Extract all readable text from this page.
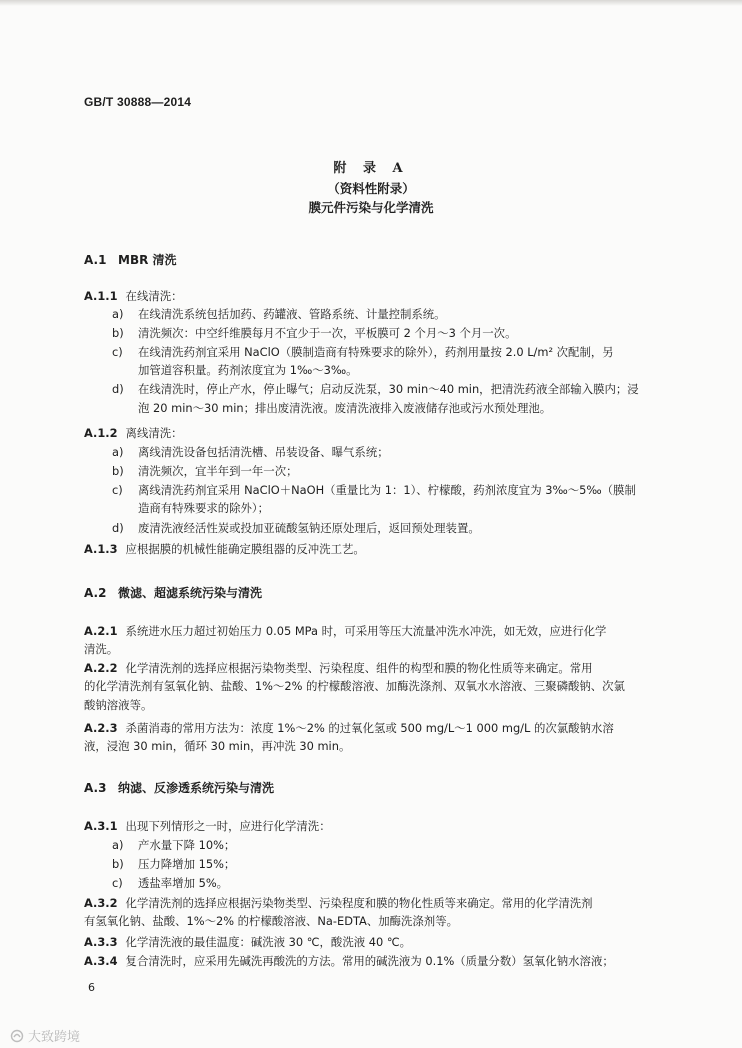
GB/T 30888—2014
附 录 A
（资料性附录）
膜元件污染与化学清洗
A.1 MBR 清洗
A.1.1 在线清洗：
a) 在线清洗系统包括加药、药罐液、管路系统、计量控制系统。
b) 清洗频次：中空纤维膜每月不宜少于一次，平板膜可 2 个月～3 个月一次。
c) 在线清洗药剂宜采用 NaClO（膜制造商有特殊要求的除外），药剂用量按 2.0 L/m² 次配制，另
加管道容积量。药剂浓度宜为 1‰～3‰。
d) 在线清洗时，停止产水，停止曝气；启动反洗泵，30 min～40 min，把清洗药液全部输入膜内；浸
泡 20 min～30 min；排出废清洗液。废清洗液排入废液储存池或污水预处理池。
A.1.2 离线清洗：
a) 离线清洗设备包括清洗槽、吊装设备、曝气系统；
b) 清洗频次，宜半年到一年一次；
c) 离线清洗药剂宜采用 NaClO＋NaOH（重量比为 1：1）、柠檬酸，药剂浓度宜为 3‰～5‰（膜制
造商有特殊要求的除外）；
d) 废清洗液经活性炭或投加亚硫酸氢钠还原处理后，返回预处理装置。
A.1.3 应根据膜的机械性能确定膜组器的反冲洗工艺。
A.2 微滤、超滤系统污染与清洗
A.2.1 系统进水压力超过初始压力 0.05 MPa 时，可采用等压大流量冲洗水冲洗，如无效，应进行化学
清洗。
A.2.2 化学清洗剂的选择应根据污染物类型、污染程度、组件的构型和膜的物化性质等来确定。常用
的化学清洗剂有氢氧化钠、盐酸、1%～2% 的柠檬酸溶液、加酶洗涤剂、双氧水水溶液、三聚磷酸钠、次氯
酸钠溶液等。
A.2.3 杀菌消毒的常用方法为：浓度 1%～2% 的过氧化氢或 500 mg/L～1 000 mg/L 的次氯酸钠水溶
液，浸泡 30 min，循环 30 min，再冲洗 30 min。
A.3 纳滤、反渗透系统污染与清洗
A.3.1 出现下列情形之一时，应进行化学清洗：
a) 产水量下降 10%；
b) 压力降增加 15%；
c) 透盐率增加 5%。
A.3.2 化学清洗剂的选择应根据污染物类型、污染程度和膜的物化性质等来确定。常用的化学清洗剂
有氢氧化钠、盐酸、1%～2% 的柠檬酸溶液、Na-EDTA、加酶洗涤剂等。
A.3.3 化学清洗液的最佳温度：碱洗液 30 ℃，酸洗液 40 ℃。
A.3.4 复合清洗时，应采用先碱洗再酸洗的方法。常用的碱洗液为 0.1%（质量分数）氢氧化钠水溶液；
6
大致跨境
